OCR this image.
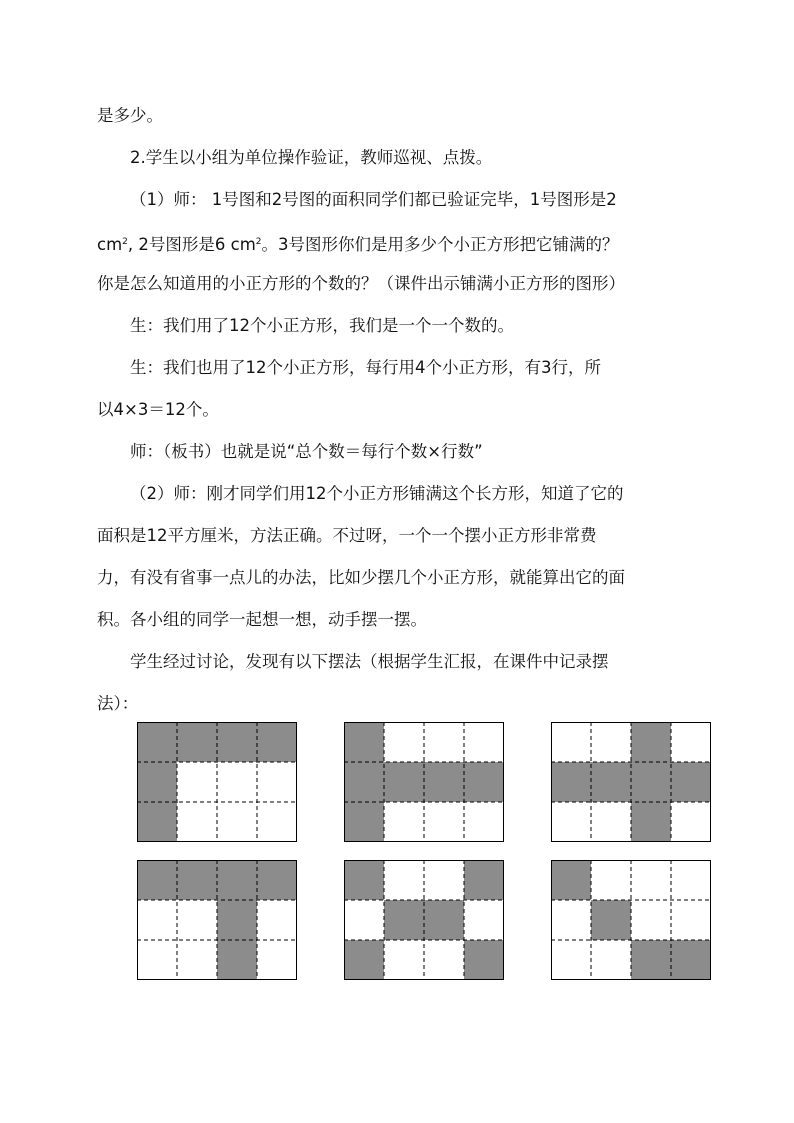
是多少。
2.学生以小组为单位操作验证，教师巡视、点拨。
（1）师： 1号图和2号图的面积同学们都已验证完毕，1号图形是2
$cm^2$, 2号图形是6 $cm^2$。3号图形你们是用多少个小正方形把它铺满的？
你是怎么知道用的小正方形的个数的？（课件出示铺满小正方形的图形）
生：我们用了12个小正方形，我们是一个一个数的。
生：我们也用了12个小正方形，每行用4个小正方形，有3行，所
以4×3＝12个。
师：（板书）也就是说“总个数＝每行个数×行数”
（2）师：刚才同学们用12个小正方形铺满这个长方形，知道了它的
面积是12平方厘米，方法正确。不过呀，一个一个摆小正方形非常费
力，有没有省事一点儿的办法，比如少摆几个小正方形，就能算出它的面
积。各小组的同学一起想一想，动手摆一摆。
学生经过讨论，发现有以下摆法（根据学生汇报，在课件中记录摆
法）：
